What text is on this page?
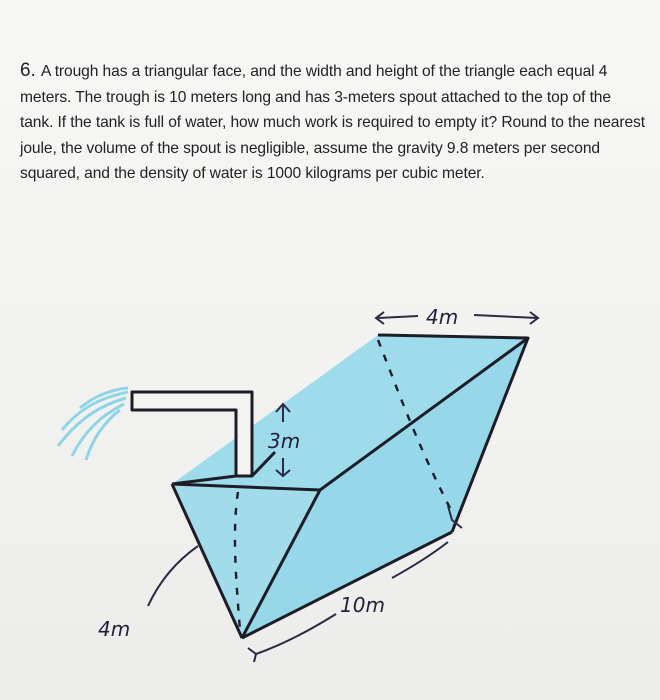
6. A trough has a triangular face, and the width and height of the triangle each equal 4 meters. The trough is 10 meters long and has 3-meters spout attached to the top of the tank. If the tank is full of water, how much work is required to empty it? Round to the nearest joule, the volume of the spout is negligible, assume the gravity 9.8 meters per second squared, and the density of water is 1000 kilograms per cubic meter.
4m
3m
10m
4m
